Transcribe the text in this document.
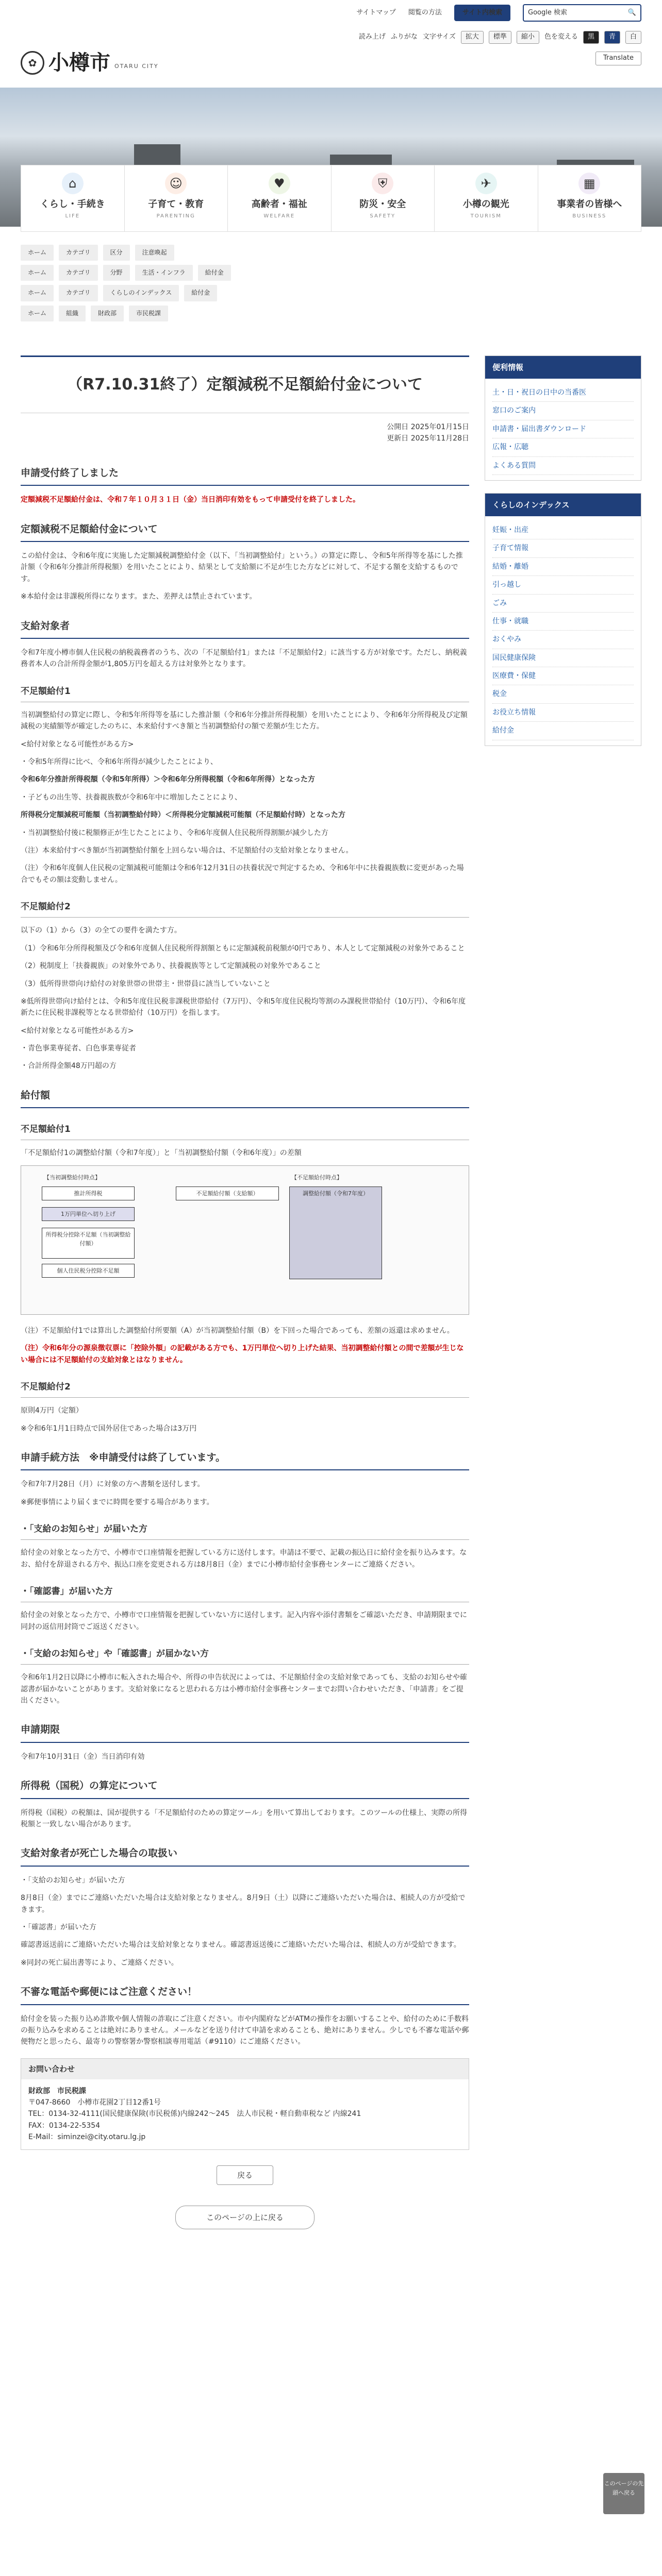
サイトマップ 閲覧の方法	サイト内検索	Google 検索	🔍
✿ 小樽市 OTARU CITY
読み上げ ふりがな 文字サイズ	拡大	標準	縮小	色を変える	黒	青	白
Translate
⌂
くらし・手続き
LIFE
☺
子育て・教育
PARENTING
♥
高齢者・福祉
WELFARE
⛨
防災・安全
SAFETY
✈
小樽の観光
TOURISM
▦
事業者の皆様へ
BUSINESS
ホーム	カテゴリ	区分	注意喚起
ホーム	カテゴリ	分野	生活・インフラ	給付金
ホーム	カテゴリ	くらしのインデックス	給付金
ホーム	組織	財政部	市民税課
（R7.10.31終了）定額減税不足額給付金について
公開日 2025年01月15日
更新日 2025年11月28日
申請受付終了しました

定額減税不足額給付金は、令和７年１０月３１日（金）当日消印有効をもって申請受付を終了しました。

定額減税不足額給付金について

この給付金は、令和6年度に実施した定額減税調整給付金（以下、「当初調整給付」という。）の算定に際し、令和5年所得等を基にした推計額（令和6年分推計所得税額）を用いたことにより、結果として支給額に不足が生じた方などに対して、不足する額を支給するものです。

※本給付金は非課税所得になります。また、差押えは禁止されています。

支給対象者

令和7年度小樽市個人住民税の納税義務者のうち、次の「不足額給付1」または「不足額給付2」に該当する方が対象です。ただし、納税義務者本人の合計所得金額が1,805万円を超える方は対象外となります。

不足額給付1

当初調整給付の算定に際し、令和5年所得等を基にした推計額（令和6年分推計所得税額）を用いたことにより、令和6年分所得税及び定額減税の実績額等が確定したのちに、本来給付すべき額と当初調整給付の額で差額が生じた方。

<給付対象となる可能性がある方>

・令和5年所得に比べ、令和6年所得が減少したことにより、

令和6年分推計所得税額（令和5年所得）＞令和6年分所得税額（令和6年所得）となった方

・子どもの出生等、扶養親族数が令和6年中に増加したことにより、

所得税分定額減税可能額（当初調整給付時）＜所得税分定額減税可能額（不足額給付時）となった方

・当初調整給付後に税額修正が生じたことにより、令和6年度個人住民税所得割額が減少した方

（注）本来給付すべき額が当初調整給付額を上回らない場合は、不足額給付の支給対象となりません。

（注）令和6年度個人住民税の定額減税可能額は令和6年12月31日の扶養状況で判定するため、令和6年中に扶養親族数に変更があった場合でもその額は変動しません。

不足額給付2

以下の（1）から（3）の全ての要件を満たす方。

（1）令和6年分所得税額及び令和6年度個人住民税所得割額ともに定額減税前税額が0円であり、本人として定額減税の対象外であること

（2）税制度上「扶養親族」の対象外であり、扶養親族等として定額減税の対象外であること

（3）低所得世帯向け給付の対象世帯の世帯主・世帯員に該当していないこと

※低所得世帯向け給付とは、令和5年度住民税非課税世帯給付（7万円）、令和5年度住民税均等割のみ課税世帯給付（10万円）、令和6年度新たに住民税非課税等となる世帯給付（10万円）を指します。

<給付対象となる可能性がある方>

・青色事業専従者、白色事業専従者

・合計所得金額48万円超の方

給付額
不足額給付1

「不足額給付1の調整給付額（令和7年度）」と「当初調整給付額（令和6年度）」の差額

【当初調整給付時点】	【不足額給付時点】
推計所得税
1万円単位へ切り上げ
所得税分控除不足額（当初調整給付額）
個人住民税分控除不足額
不足額給付額（支給額）	調整給付額（令和7年度）

（注）不足額給付1では算出した調整給付所要額（A）が当初調整給付額（B）を下回った場合であっても、差額の返還は求めません。

（注）令和6年分の源泉徴収票に「控除外額」の記載がある方でも、1万円単位へ切り上げた結果、当初調整給付額との間で差額が生じない場合には不足額給付の支給対象とはなりません。

不足額給付2

原則4万円（定額）

※令和6年1月1日時点で国外居住であった場合は3万円

申請手続方法　※申請受付は終了しています。

令和7年7月28日（月）に対象の方へ書類を送付します。

※郵便事情により届くまでに時間を要する場合があります。

・「支給のお知らせ」が届いた方

給付金の対象となった方で、小樽市で口座情報を把握している方に送付します。申請は不要で、記載の振込日に給付金を振り込みます。なお、給付を辞退される方や、振込口座を変更される方は8月8日（金）までに小樽市給付金事務センターにご連絡ください。

・「確認書」が届いた方

給付金の対象となった方で、小樽市で口座情報を把握していない方に送付します。記入内容や添付書類をご確認いただき、申請期限までに同封の返信用封筒でご返送ください。

・「支給のお知らせ」や「確認書」が届かない方

令和6年1月2日以降に小樽市に転入された場合や、所得の申告状況によっては、不足額給付金の支給対象であっても、支給のお知らせや確認書が届かないことがあります。支給対象になると思われる方は小樽市給付金事務センターまでお問い合わせいただき、「申請書」をご提出ください。

申請期限

令和7年10月31日（金）当日消印有効

所得税（国税）の算定について

所得税（国税）の税額は、国が提供する「不足額給付のための算定ツール」を用いて算出しております。このツールの仕様上、実際の所得税額と一致しない場合があります。

支給対象者が死亡した場合の取扱い

・「支給のお知らせ」が届いた方

8月8日（金）までにご連絡いただいた場合は支給対象となりません。8月9日（土）以降にご連絡いただいた場合は、相続人の方が受給できます。

・「確認書」が届いた方

確認書返送前にご連絡いただいた場合は支給対象となりません。確認書返送後にご連絡いただいた場合は、相続人の方が受給できます。

※同封の死亡届出書等により、ご連絡ください。

不審な電話や郵便にはご注意ください！

給付金を装った振り込め詐欺や個人情報の詐取にご注意ください。市や内閣府などがATMの操作をお願いすることや、給付のために手数料の振り込みを求めることは絶対にありません。メールなどを送り付けて申請を求めることも、絶対にありません。少しでも不審な電話や郵便物だと思ったら、最寄りの警察署か警察相談専用電話（#9110）にご連絡ください。

お問い合わせ
財政部　市民税課
〒047-8660　小樽市花園2丁目12番1号
TEL：0134-32-4111(国民健康保険(市民税係)内線242〜245　法人市民税・軽自動車税など 内線241
FAX：0134-22-5354
E-Mail：siminzei@city.otaru.lg.jp
戻る
このページの上に戻る
便利情報
土・日・祝日の日中の当番医
窓口のご案内
申請書・届出書ダウンロード
広報・広聴
よくある質問
くらしのインデックス
妊娠・出産
子育て情報
結婚・離婚
引っ越し
ごみ
仕事・就職
おくやみ
国民健康保険
医療費・保健
税金
お役立ち情報
給付金
このページの先頭へ戻る
